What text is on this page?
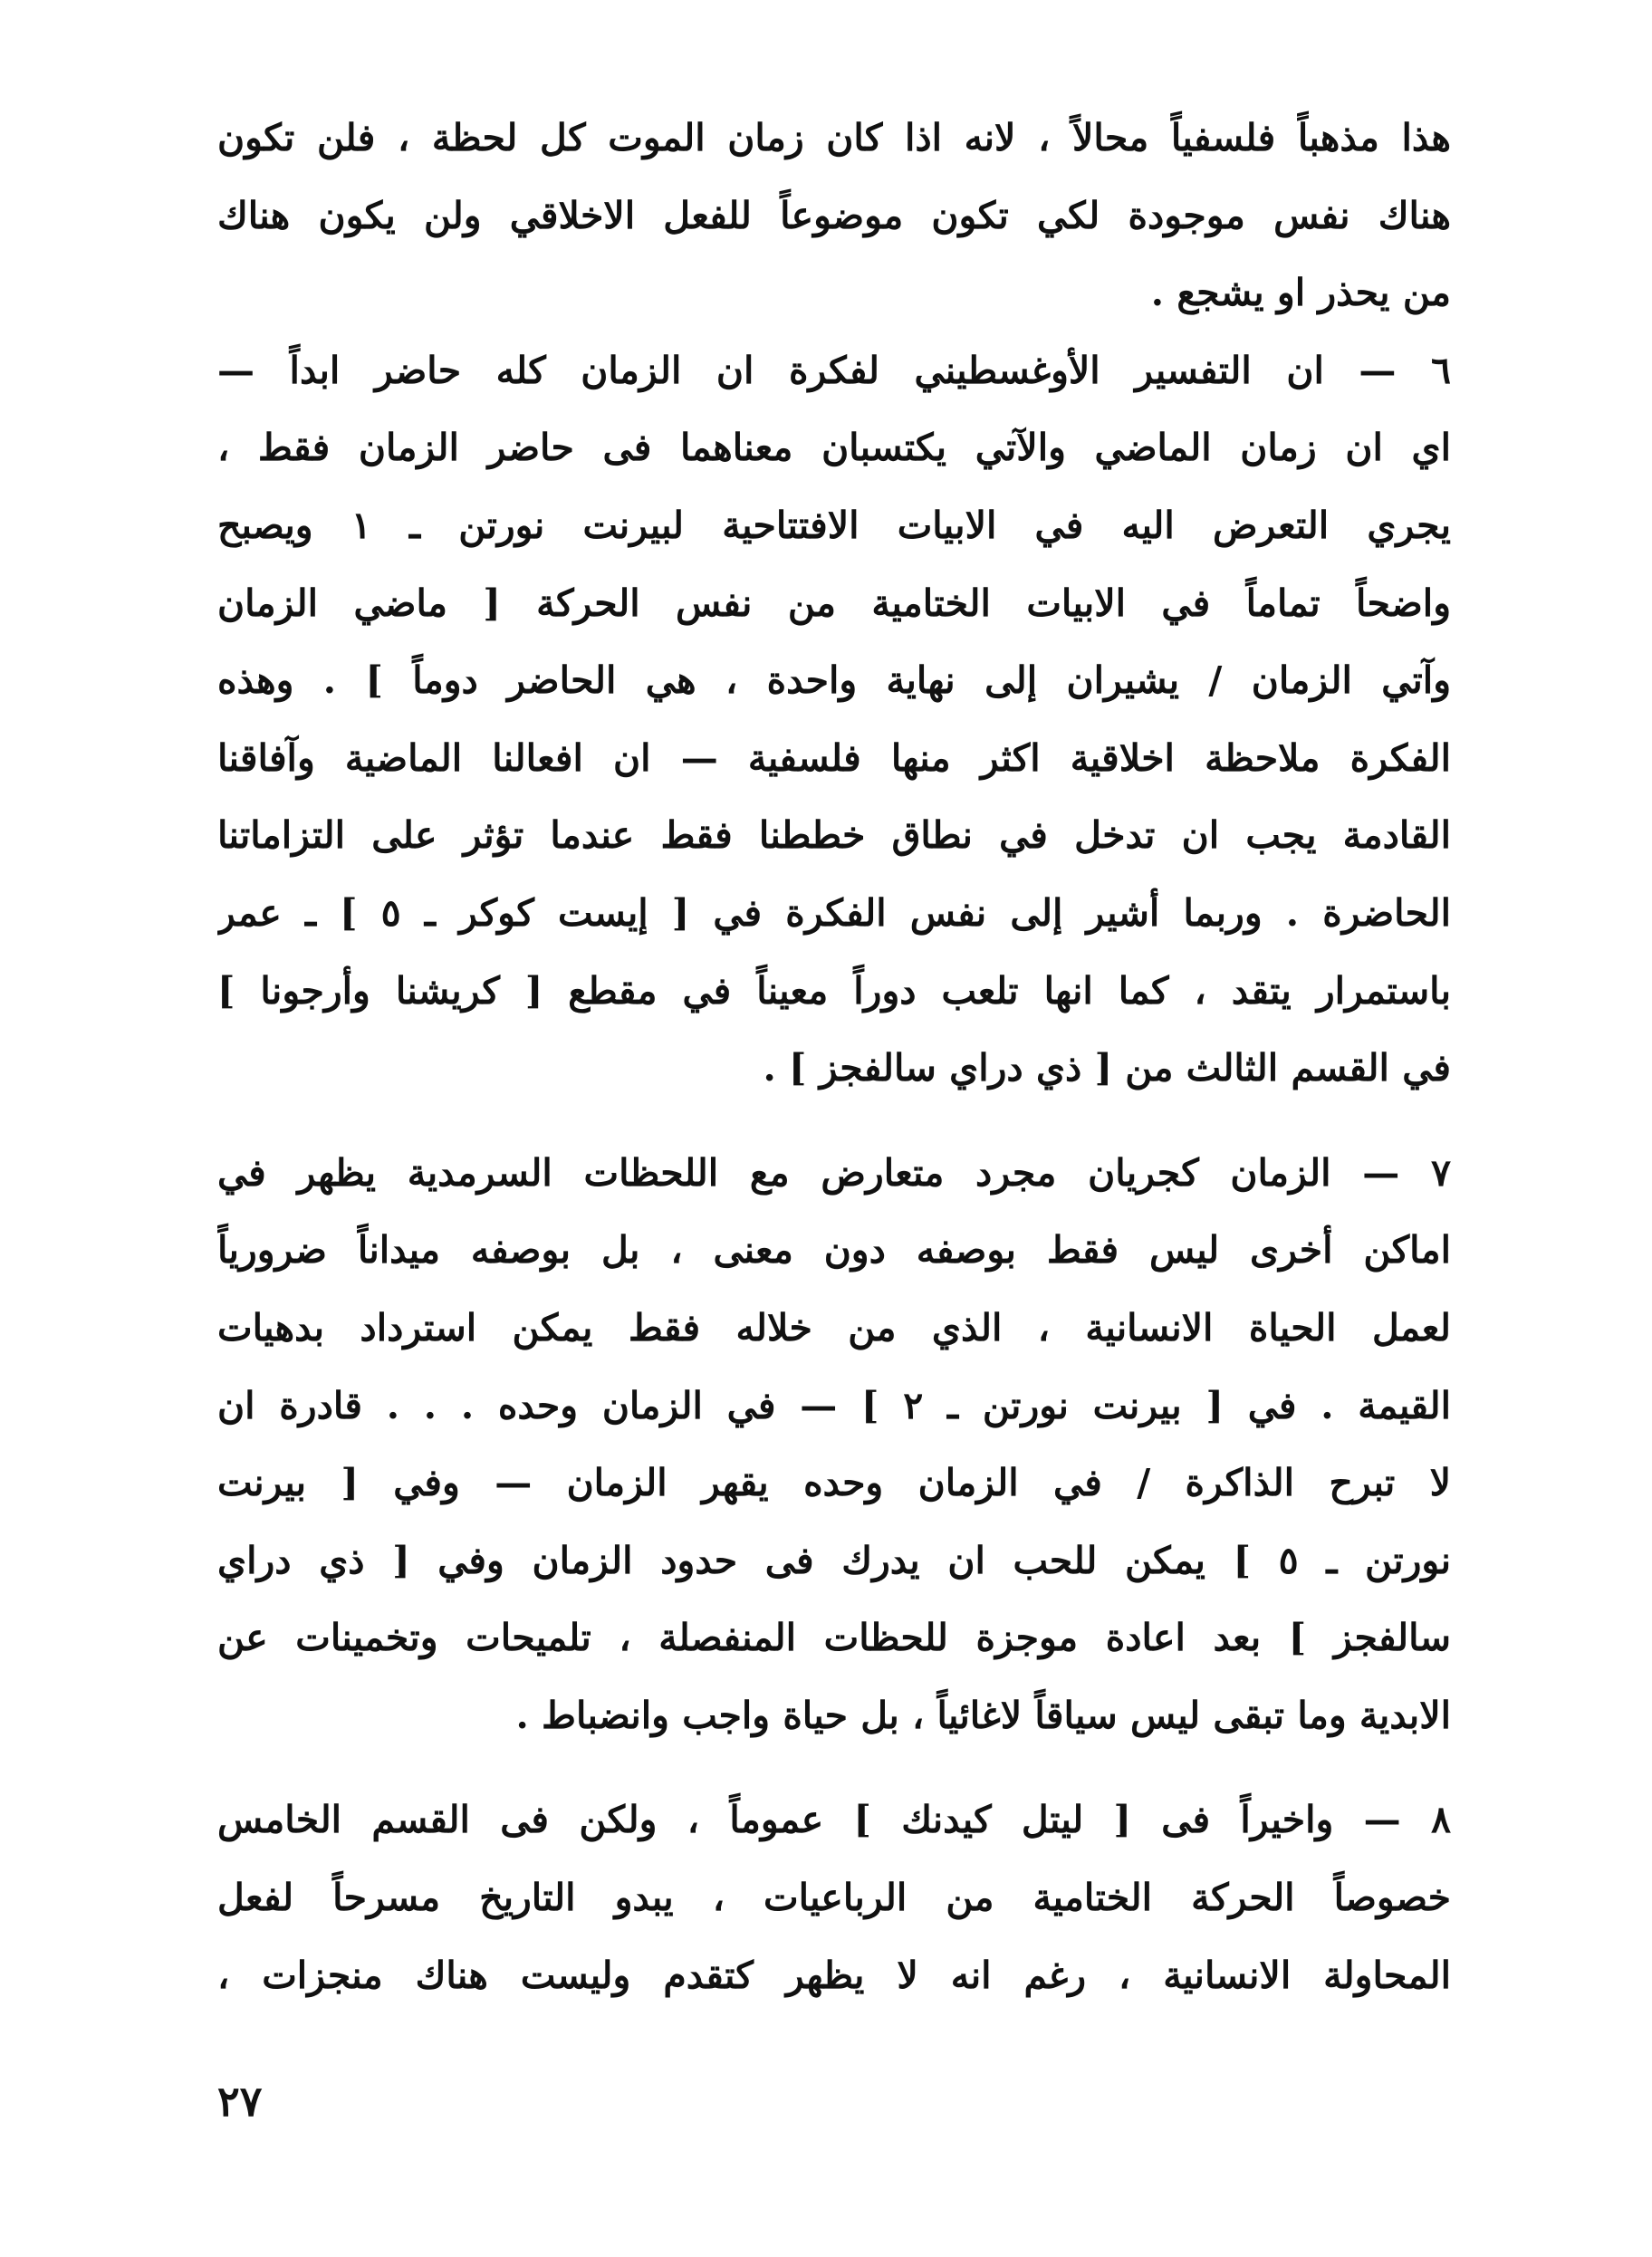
هذا مذهباً فلسفياً محالاً ، لانه اذا كان زمان الموت كل لحظة ، فلن تكون
هناك نفس موجودة لكي تكون موضوعاً للفعل الاخلاقي ولن يكون هناك
من يحذر او يشجع .
٦ — ان التفسير الأوغسطيني لفكرة ان الزمان كله حاضر ابداً —
اي ان زمان الماضي والآتي يكتسبان معناهما فى حاضر الزمان فقط ،
يجري التعرض اليه في الابيات الافتتاحية لبيرنت نورتن ـ ١ ويصبح
واضحاً تماماً في الابيات الختامية من نفس الحركة [ ماضي الزمان
وآتي الزمان / يشيران إلى نهاية واحدة ، هي الحاضر دوماً ] . وهذه
الفكرة ملاحظة اخلاقية اكثر منها فلسفية — ان افعالنا الماضية وآفاقنا
القادمة يجب ان تدخل في نطاق خططنا فقط عندما تؤثر على التزاماتنا
الحاضرة . وربما أشير إلى نفس الفكرة في [ إيست كوكر ـ ٥ ] ـ عمر
باستمرار يتقد ، كما انها تلعب دوراً معيناً في مقطع [ كريشنا وأرجونا ]
في القسم الثالث من [ ذي دراي سالفجز ] .
٧ — الزمان كجريان مجرد متعارض مع اللحظات السرمدية يظهر في
اماكن أخرى ليس فقط بوصفه دون معنى ، بل بوصفه ميداناً ضرورياً
لعمل الحياة الانسانية ، الذي من خلاله فقط يمكن استرداد بدهيات
القيمة . في [ بيرنت نورتن ـ ٢ ] — في الزمان وحده . . . قادرة ان
لا تبرح الذاكرة / في الزمان وحده يقهر الزمان — وفي [ بيرنت
نورتن ـ ٥ ] يمكن للحب ان يدرك فى حدود الزمان وفي [ ذي دراي
سالفجز ] بعد اعادة موجزة للحظات المنفصلة ، تلميحات وتخمينات عن
الابدية وما تبقى ليس سياقاً لاغائياً ، بل حياة واجب وانضباط .
٨ — واخيراً فى [ ليتل كيدنك ] عموماً ، ولكن فى القسم الخامس
خصوصاً الحركة الختامية من الرباعيات ، يبدو التاريخ مسرحاً لفعل
المحاولة الانسانية ، رغم انه لا يظهر كتقدم وليست هناك منجزات ،
٢٧
